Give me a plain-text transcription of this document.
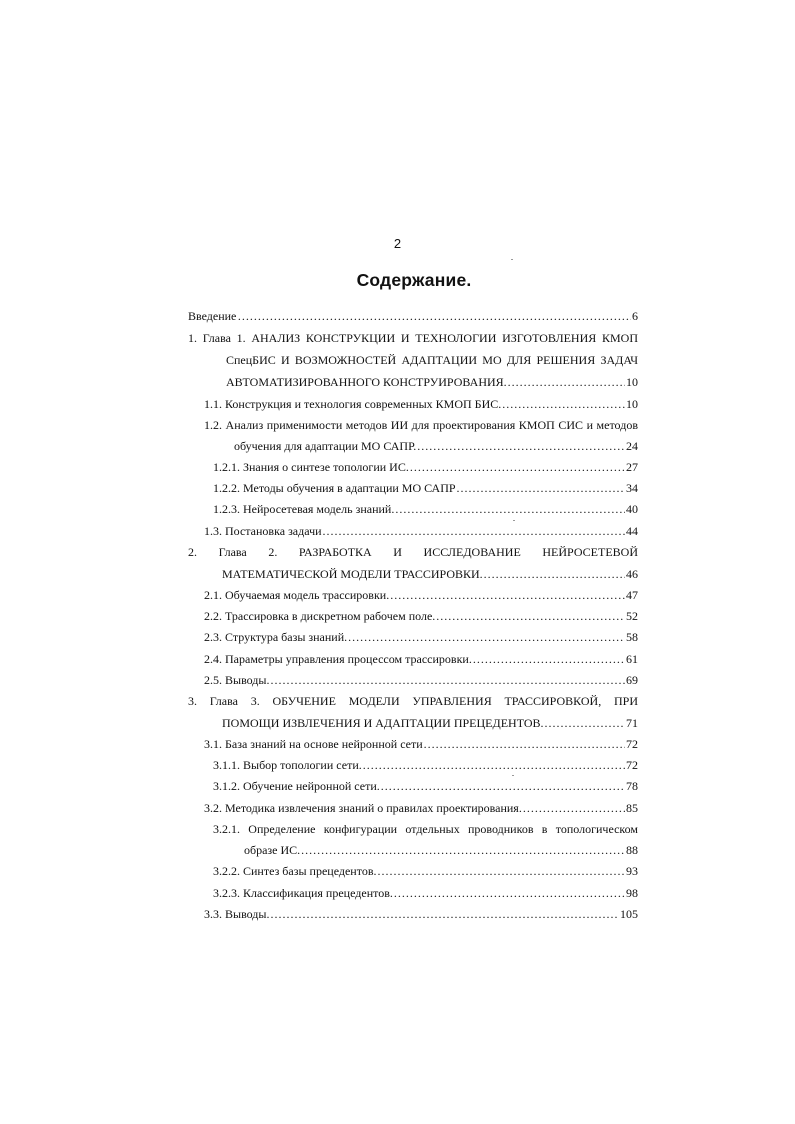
2
Содержание.
Введение …………………………………………………………………………………………………………………………………………………………	6
1. Глава 1. АНАЛИЗ КОНСТРУКЦИИ И ТЕХНОЛОГИИ ИЗГОТОВЛЕНИЯ КМОП
СпецБИС И ВОЗМОЖНОСТЕЙ АДАПТАЦИИ МО ДЛЯ РЕШЕНИЯ ЗАДАЧ
АВТОМАТИЗИРОВАННОГО КОНСТРУИРОВАНИЯ. .....	10
1.1. Конструкция и технология современных КМОП БИС. .....	10
1.2. Анализ применимости методов ИИ для проектирования КМОП СИС и методов
обучения для адаптации МО САПР. .....	24
1.2.1. Знания о синтезе топологии ИС. .....	27
1.2.2. Методы обучения в адаптации МО САПР .....	34
1.2.3. Нейросетевая модель знаний. .....	40
1.3. Постановка задачи .....	44
2. Глава 2. РАЗРАБОТКА И ИССЛЕДОВАНИЕ НЕЙРОСЕТЕВОЙ
МАТЕМАТИЧЕСКОЙ МОДЕЛИ ТРАССИРОВКИ. .....	46
2.1. Обучаемая модель трассировки. .....	47
2.2. Трассировка в дискретном рабочем поле. .....	52
2.3. Структура базы знаний. .....	58
2.4. Параметры управления процессом трассировки. .....	61
2.5. Выводы. .....	69
3. Глава 3. ОБУЧЕНИЕ МОДЕЛИ УПРАВЛЕНИЯ ТРАССИРОВКОЙ, ПРИ
ПОМОЩИ ИЗВЛЕЧЕНИЯ И АДАПТАЦИИ ПРЕЦЕДЕНТОВ. .....	71
3.1. База знаний на основе нейронной сети .....	72
3.1.1. Выбор топологии сети. .....	72
3.1.2. Обучение нейронной сети. .....	78
3.2. Методика извлечения знаний о правилах проектирования. .....	85
3.2.1. Определение конфигурации отдельных проводников в топологическом
образе ИС. .....	88
3.2.2. Синтез базы прецедентов. .....	93
3.2.3. Классификация прецедентов. .....	98
3.3. Выводы. .....	105
